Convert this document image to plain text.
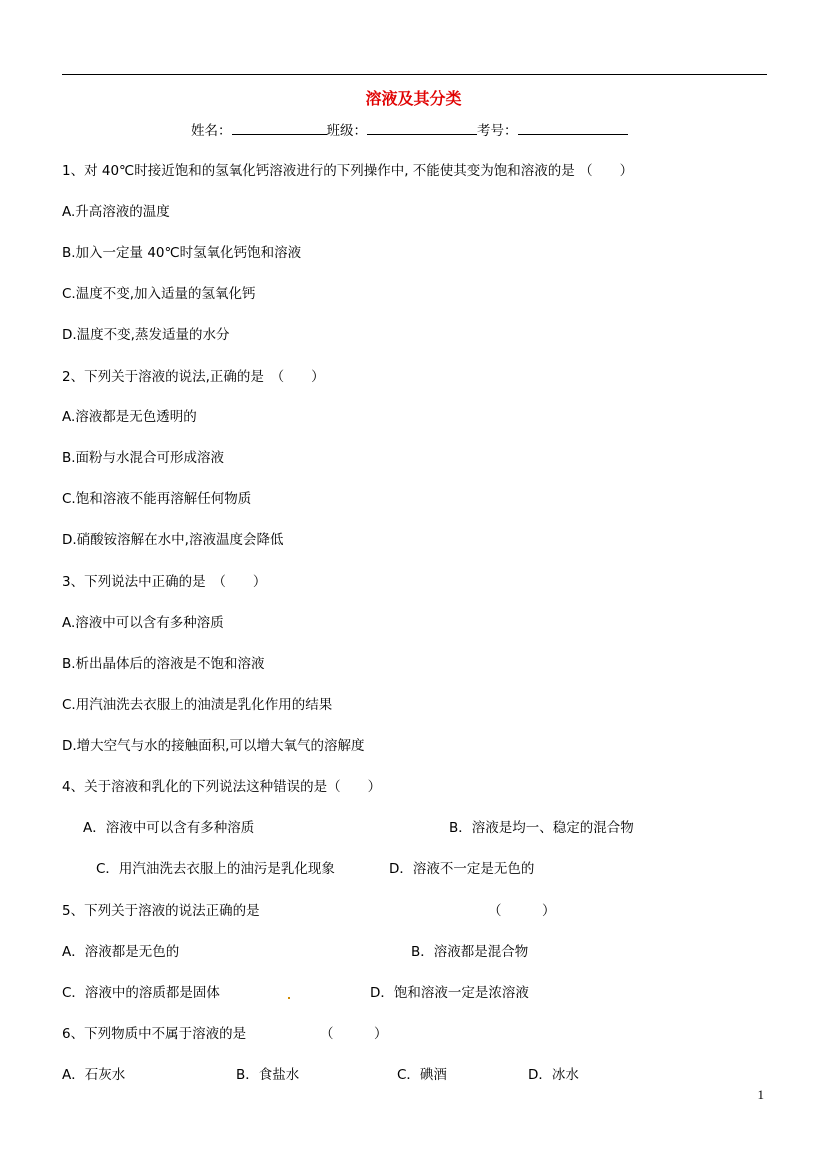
溶液及其分类
姓名：	班级：	考号：
1、对 40℃时接近饱和的氢氧化钙溶液进行的下列操作中, 不能使其变为饱和溶液的是 （　　）
A.升高溶液的温度
B.加入一定量 40℃时氢氧化钙饱和溶液
C.温度不变,加入适量的氢氧化钙
D.温度不变,蒸发适量的水分
2、下列关于溶液的说法,正确的是　（　　）
A.溶液都是无色透明的
B.面粉与水混合可形成溶液
C.饱和溶液不能再溶解任何物质
D.硝酸铵溶解在水中,溶液温度会降低
3、下列说法中正确的是　（　　）
A.溶液中可以含有多种溶质
B.析出晶体后的溶液是不饱和溶液
C.用汽油洗去衣服上的油渍是乳化作用的结果
D.增大空气与水的接触面积,可以增大氧气的溶解度
4、关于溶液和乳化的下列说法这种错误的是（　　）
A．溶液中可以含有多种溶质	B．溶液是均一、稳定的混合物
C．用汽油洗去衣服上的油污是乳化现象	D．溶液不一定是无色的
5、下列关于溶液的说法正确的是	（　　　）
A．溶液都是无色的	B．溶液都是混合物
C．溶液中的溶质都是固体	D．饱和溶液一定是浓溶液
6、下列物质中不属于溶液的是	（　　　）
A．石灰水	B．食盐水	C．碘酒	D．冰水
1
